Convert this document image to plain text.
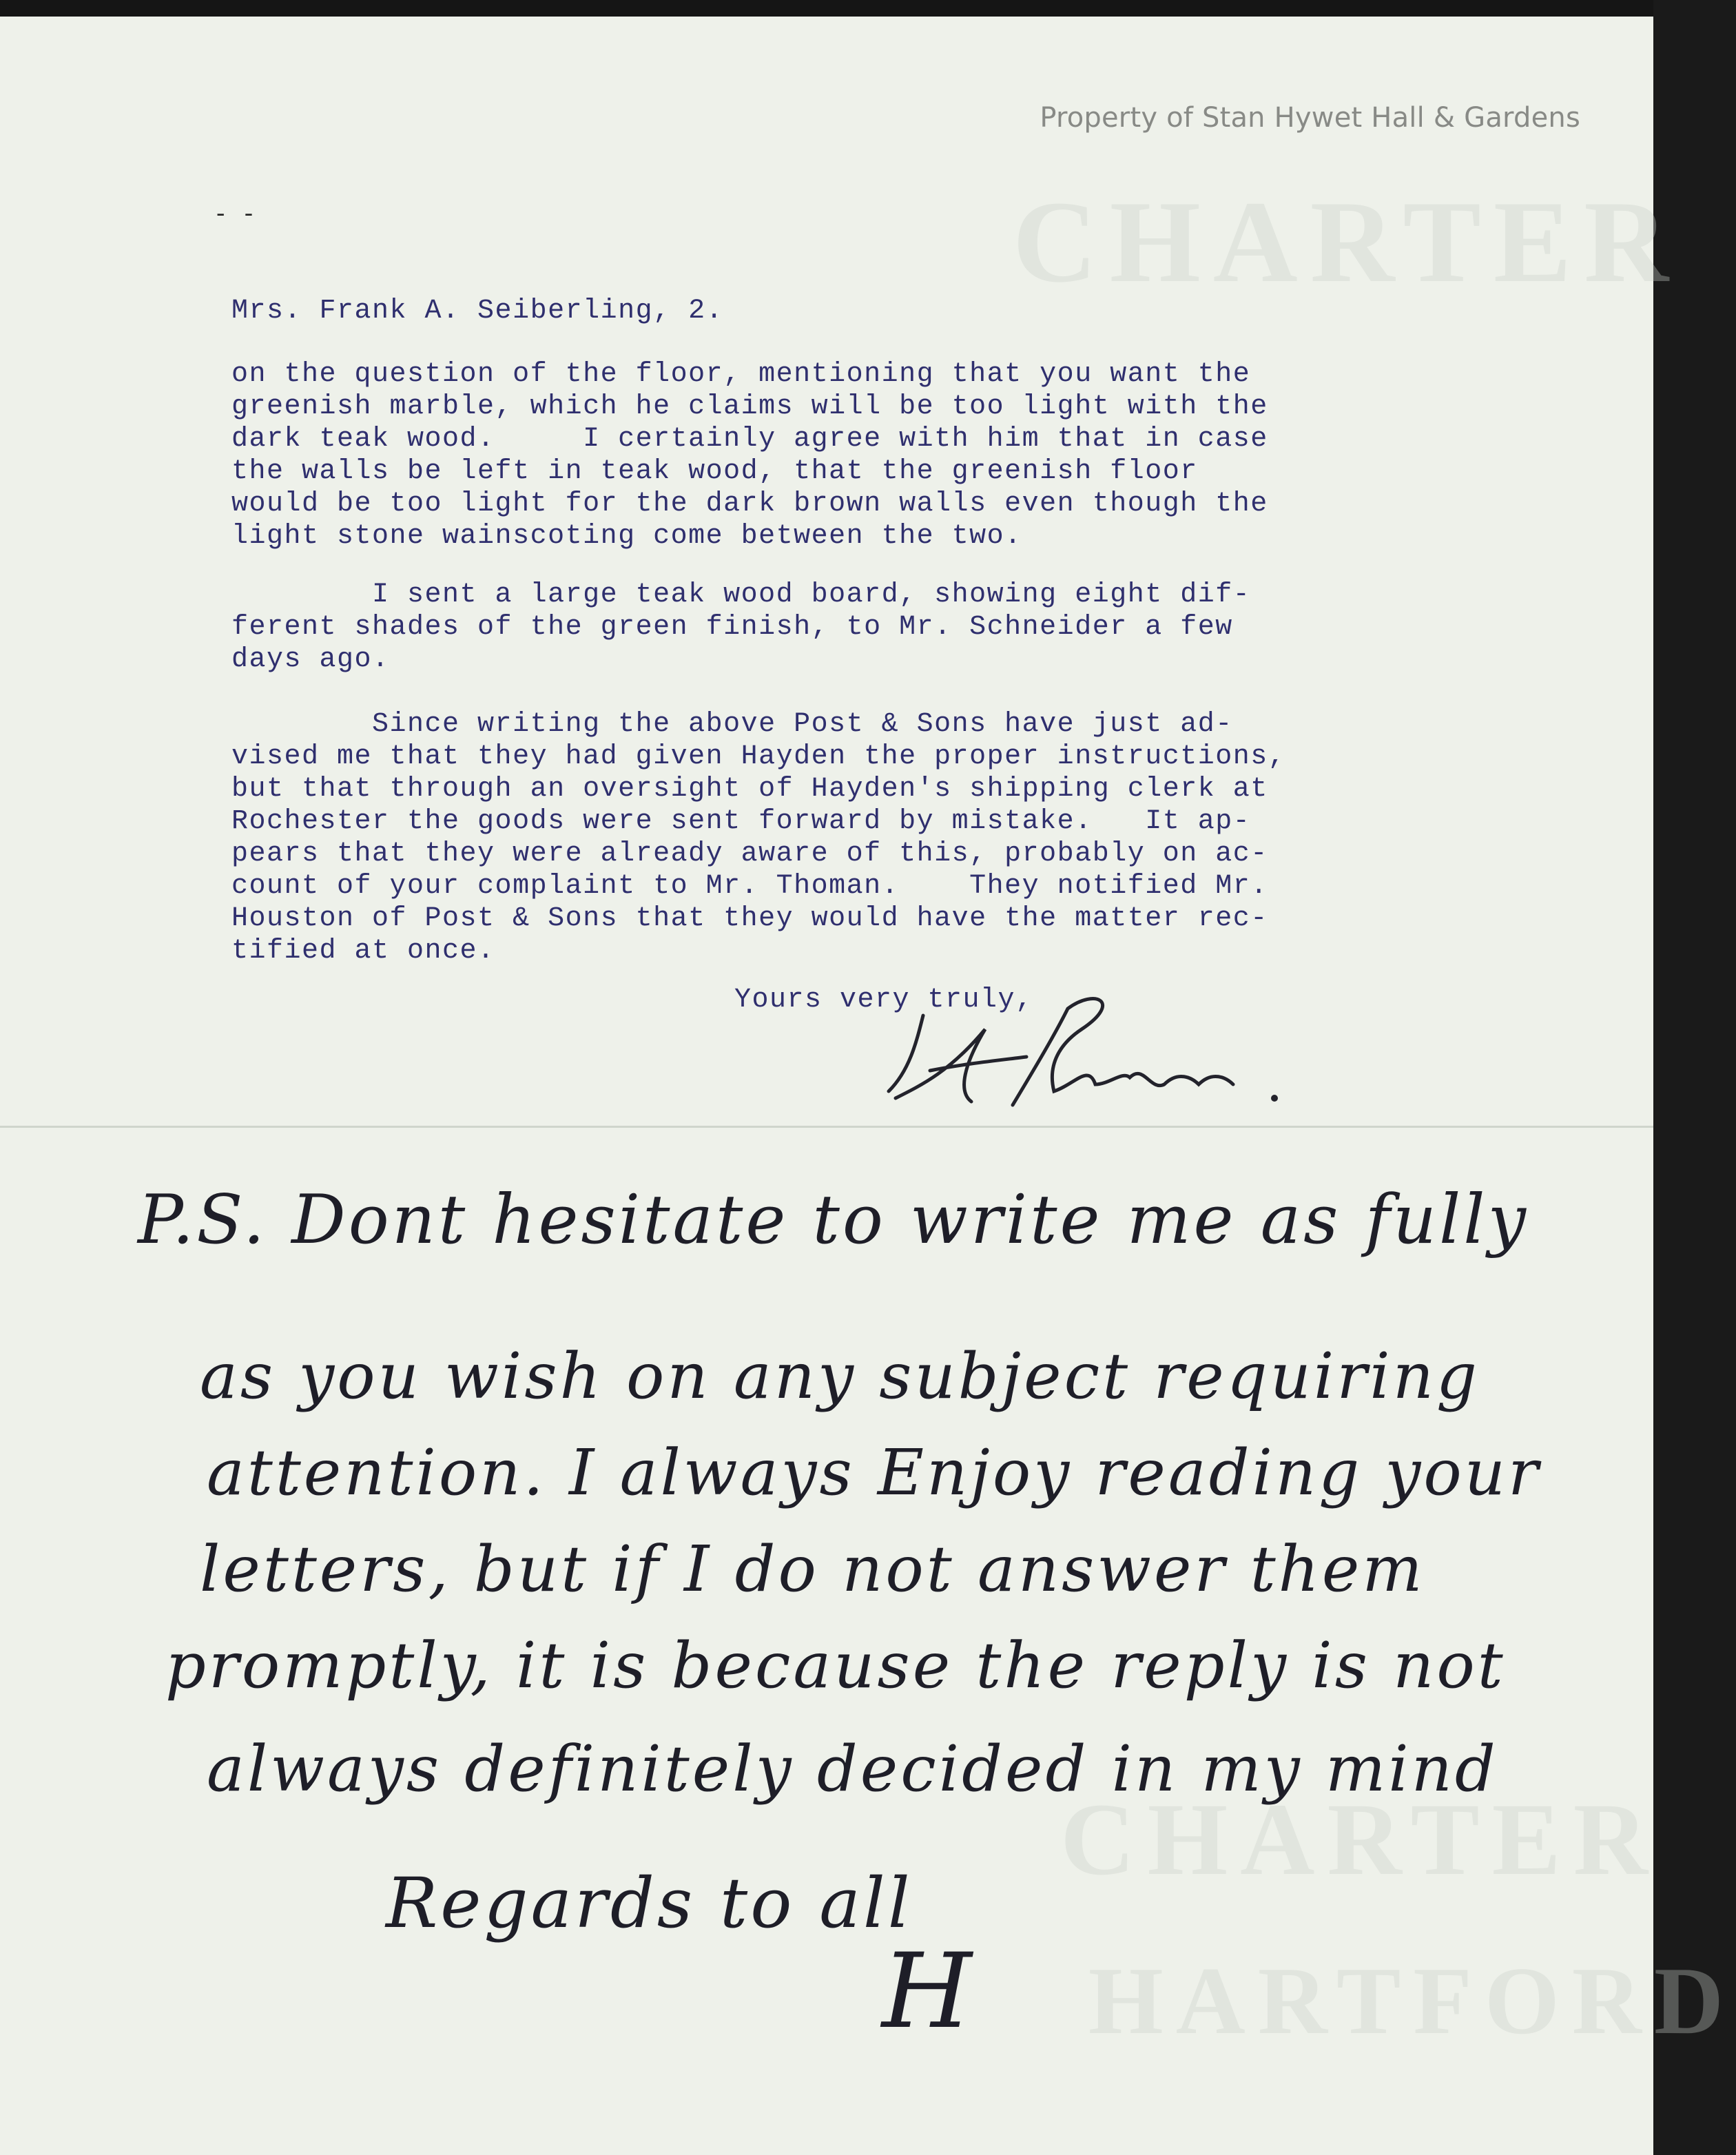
CHARTER
CHARTER
HARTFORD
Property of Stan Hywet Hall & Gardens
- -
Mrs. Frank A. Seiberling, 2.
on the question of the floor, mentioning that you want the
greenish marble, which he claims will be too light with the
dark teak wood.     I certainly agree with him that in case
the walls be left in teak wood, that the greenish floor
would be too light for the dark brown walls even though the
light stone wainscoting come between the two.
I sent a large teak wood board, showing eight dif-
ferent shades of the green finish, to Mr. Schneider a few
days ago.
Since writing the above Post & Sons have just ad-
vised me that they had given Hayden the proper instructions,
but that through an oversight of Hayden's shipping clerk at
Rochester the goods were sent forward by mistake.   It ap-
pears that they were already aware of this, probably on ac-
count of your complaint to Mr. Thoman.    They notified Mr.
Houston of Post & Sons that they would have the matter rec-
tified at once.
Yours very truly,
P.S. Dont hesitate to write me as fully
as you wish on any subject requiring
attention. I always Enjoy reading your
letters, but if I do not answer them
promptly, it is because the reply is not
always definitely decided in my mind
Regards to all
H
